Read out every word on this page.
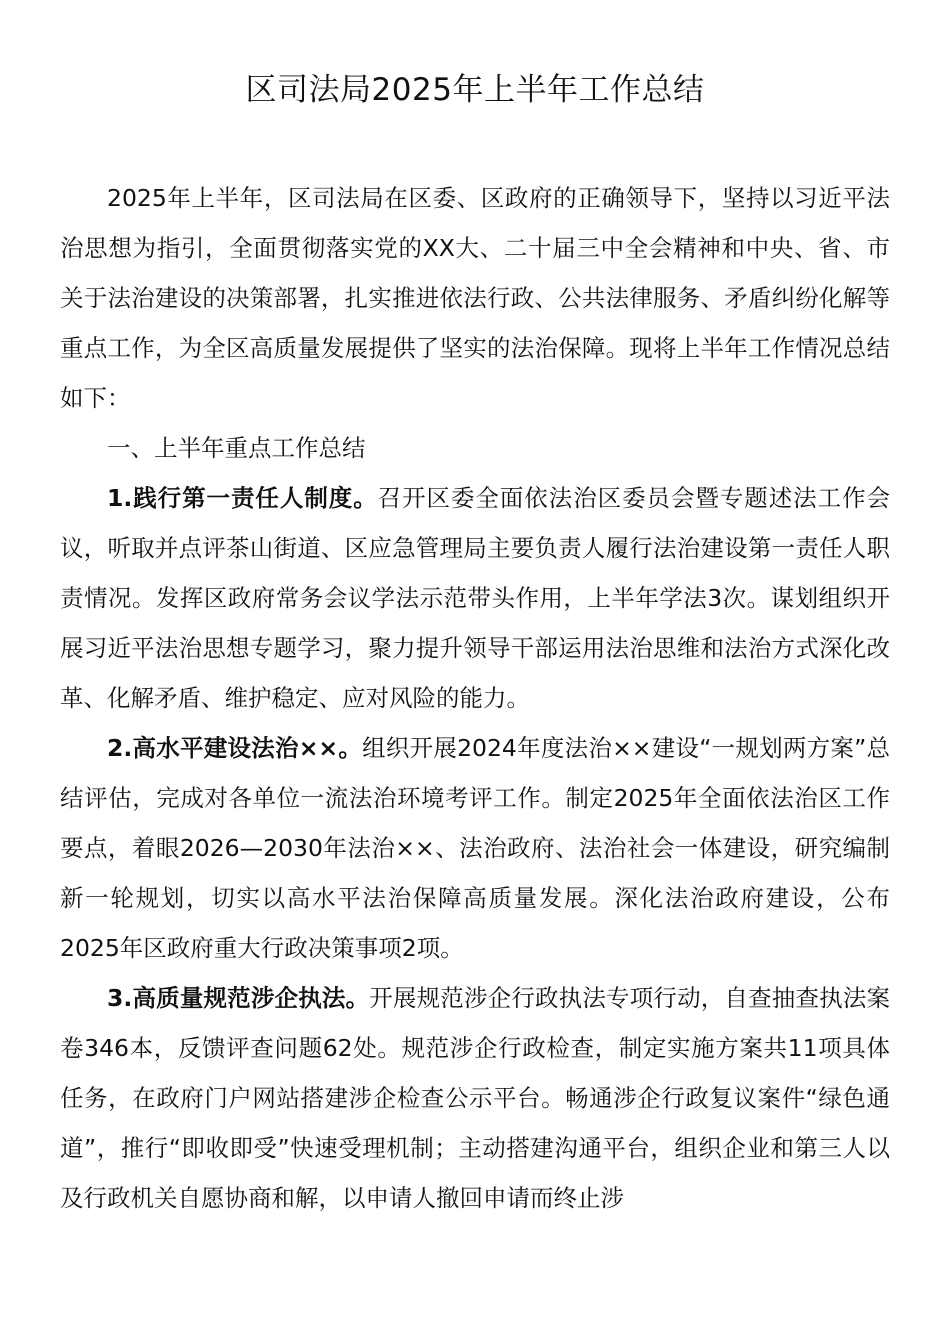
区司法局2025年上半年工作总结

2025年上半年，区司法局在区委、区政府的正确领导下，坚持以习近平法治思想为指引，全面贯彻落实党的XX大、二十届三中全会精神和中央、省、市关于法治建设的决策部署，扎实推进依法行政、公共法律服务、矛盾纠纷化解等重点工作，为全区高质量发展提供了坚实的法治保障。现将上半年工作情况总结如下：

一、上半年重点工作总结

1.践行第一责任人制度。召开区委全面依法治区委员会暨专题述法工作会议，听取并点评茶山街道、区应急管理局主要负责人履行法治建设第一责任人职责情况。发挥区政府常务会议学法示范带头作用，上半年学法3次。谋划组织开展习近平法治思想专题学习，聚力提升领导干部运用法治思维和法治方式深化改革、化解矛盾、维护稳定、应对风险的能力。

2.高水平建设法治××。组织开展2024年度法治××建设“一规划两方案”总结评估，完成对各单位一流法治环境考评工作。制定2025年全面依法治区工作要点，着眼2026—2030年法治××、法治政府、法治社会一体建设，研究编制新一轮规划，切实以高水平法治保障高质量发展。深化法治政府建设，公布2025年区政府重大行政决策事项2项。

3.高质量规范涉企执法。开展规范涉企行政执法专项行动，自查抽查执法案卷346本，反馈评查问题62处。规范涉企行政检查，制定实施方案共11项具体任务，在政府门户网站搭建涉企检查公示平台。畅通涉企行政复议案件“绿色通道”，推行“即收即受”快速受理机制；主动搭建沟通平台，组织企业和第三人以及行政机关自愿协商和解，以申请人撤回申请而终止涉
